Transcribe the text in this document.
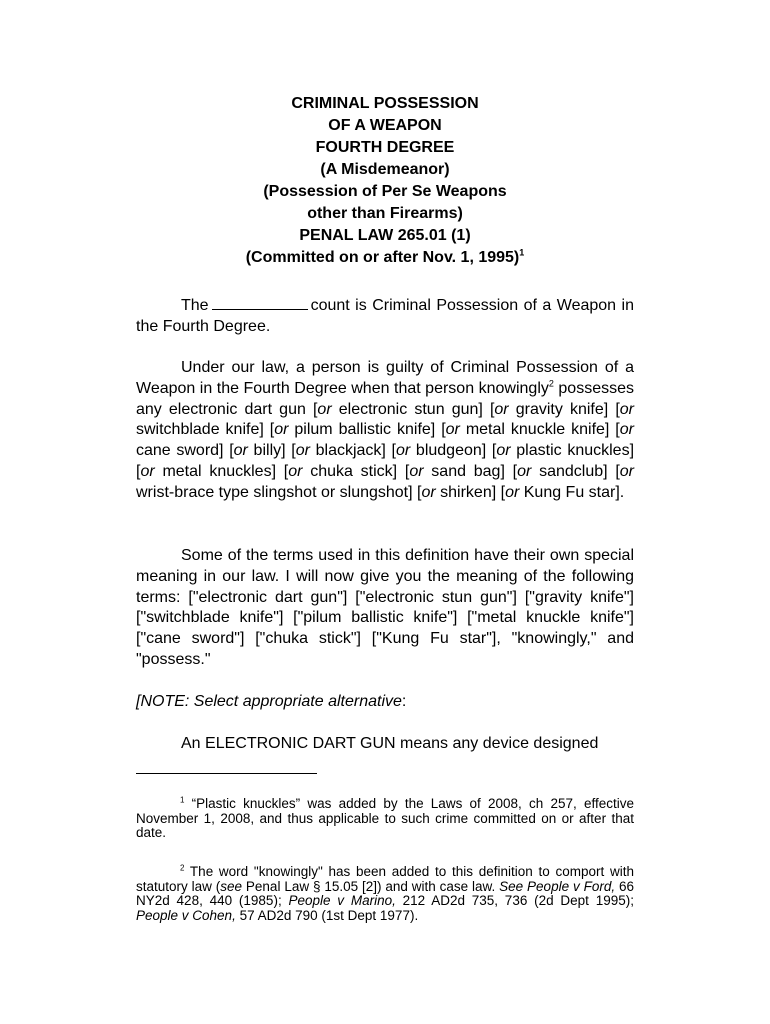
CRIMINAL POSSESSION
OF A WEAPON
FOURTH DEGREE
(A Misdemeanor)
(Possession of Per Se Weapons
other than Firearms)
PENAL LAW 265.01 (1)
(Committed on or after Nov. 1, 1995)$^1$

The	count is Criminal Possession of a Weapon in the Fourth Degree.

Under our law, a person is guilty of Criminal Possession of a Weapon in the Fourth Degree when that person knowingly$^2$ possesses any electronic dart gun [or electronic stun gun] [or gravity knife] [or switchblade knife] [or pilum ballistic knife] [or metal knuckle knife] [or cane sword] [or billy] [or blackjack] [or bludgeon] [or plastic knuckles] [or metal knuckles] [or chuka stick] [or sand bag] [or sandclub] [or wrist-brace type slingshot or slungshot] [or shirken] [or Kung Fu star].

Some of the terms used in this definition have their own special meaning in our law. I will now give you the meaning of the following terms: ["electronic dart gun"] ["electronic stun gun"] ["gravity knife"] ["switchblade knife"] ["pilum ballistic knife"] ["metal knuckle knife"] ["cane sword"] ["chuka stick"] ["Kung Fu star"], "knowingly," and "possess."

[NOTE: Select appropriate alternative:

An ELECTRONIC DART GUN means any device designed

$^1$ “Plastic knuckles” was added by the Laws of 2008, ch 257, effective November 1, 2008, and thus applicable to such crime committed on or after that date.

$^2$ The word "knowingly" has been added to this definition to comport with statutory law (see Penal Law § 15.05 [2]) and with case law. See People v Ford, 66 NY2d 428, 440 (1985); People v Marino, 212 AD2d 735, 736 (2d Dept 1995); People v Cohen, 57 AD2d 790 (1st Dept 1977).
